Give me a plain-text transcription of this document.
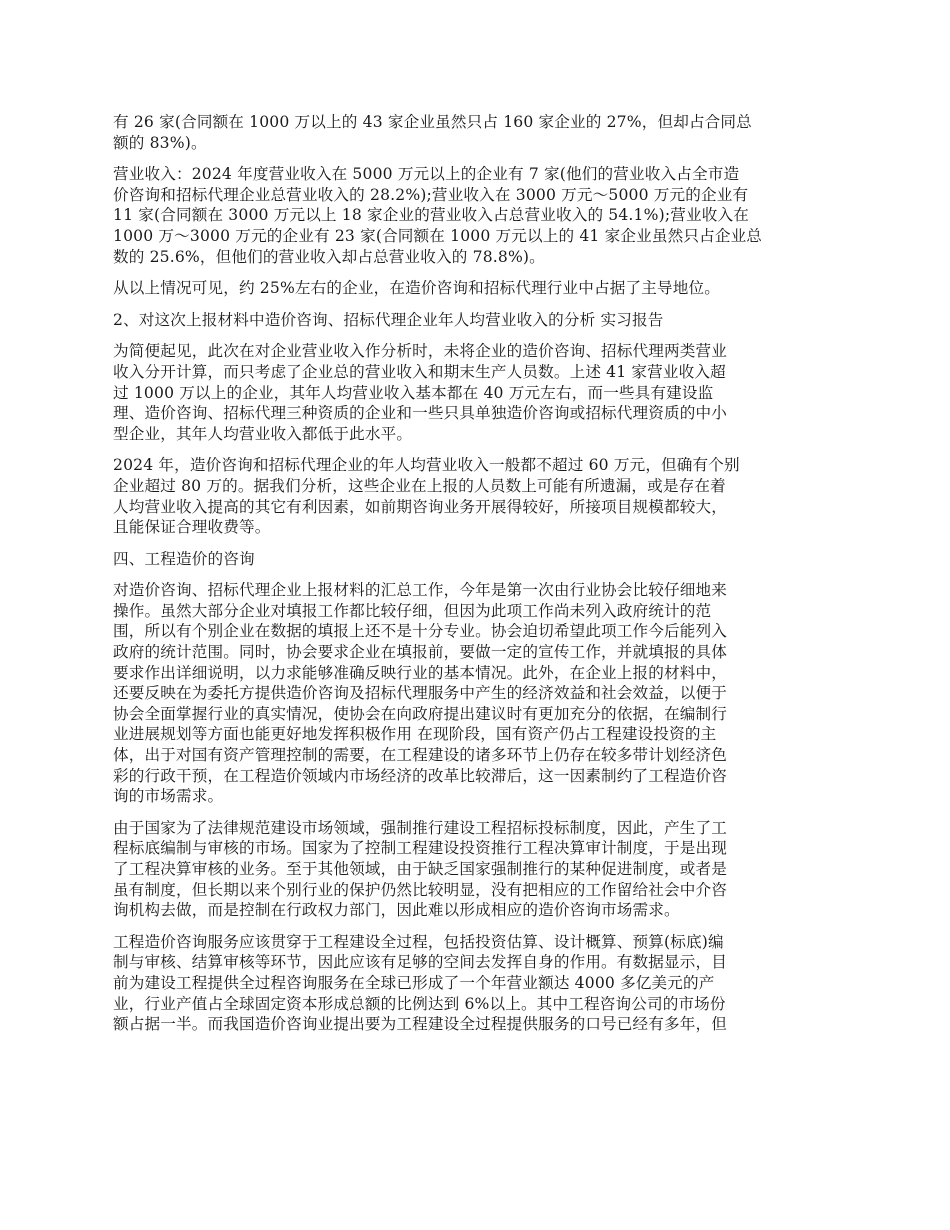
有 26 家(合同额在 1000 万以上的 43 家企业虽然只占 160 家企业的 27%，但却占合同总
额的 83%)。
营业收入：2024 年度营业收入在 5000 万元以上的企业有 7 家(他们的营业收入占全市造
价咨询和招标代理企业总营业收入的 28.2%);营业收入在 3000 万元～5000 万元的企业有
11 家(合同额在 3000 万元以上 18 家企业的营业收入占总营业收入的 54.1%);营业收入在
1000 万～3000 万元的企业有 23 家(合同额在 1000 万元以上的 41 家企业虽然只占企业总
数的 25.6%，但他们的营业收入却占总营业收入的 78.8%)。
从以上情况可见，约 25%左右的企业，在造价咨询和招标代理行业中占据了主导地位。
2、对这次上报材料中造价咨询、招标代理企业年人均营业收入的分析 实习报告
为简便起见，此次在对企业营业收入作分析时，未将企业的造价咨询、招标代理两类营业
收入分开计算，而只考虑了企业总的营业收入和期末生产人员数。上述 41 家营业收入超
过 1000 万以上的企业，其年人均营业收入基本都在 40 万元左右，而一些具有建设监
理、造价咨询、招标代理三种资质的企业和一些只具单独造价咨询或招标代理资质的中小
型企业，其年人均营业收入都低于此水平。
2024 年，造价咨询和招标代理企业的年人均营业收入一般都不超过 60 万元，但确有个别
企业超过 80 万的。据我们分析，这些企业在上报的人员数上可能有所遗漏，或是存在着
人均营业收入提高的其它有利因素，如前期咨询业务开展得较好，所接项目规模都较大，
且能保证合理收费等。
四、工程造价的咨询
对造价咨询、招标代理企业上报材料的汇总工作，今年是第一次由行业协会比较仔细地来
操作。虽然大部分企业对填报工作都比较仔细，但因为此项工作尚未列入政府统计的范
围，所以有个别企业在数据的填报上还不是十分专业。协会迫切希望此项工作今后能列入
政府的统计范围。同时，协会要求企业在填报前，要做一定的宣传工作，并就填报的具体
要求作出详细说明，以力求能够准确反映行业的基本情况。此外，在企业上报的材料中，
还要反映在为委托方提供造价咨询及招标代理服务中产生的经济效益和社会效益，以便于
协会全面掌握行业的真实情况，使协会在向政府提出建议时有更加充分的依据，在编制行
业进展规划等方面也能更好地发挥积极作用 在现阶段，国有资产仍占工程建设投资的主
体，出于对国有资产管理控制的需要，在工程建设的诸多环节上仍存在较多带计划经济色
彩的行政干预，在工程造价领域内市场经济的改革比较滞后，这一因素制约了工程造价咨
询的市场需求。
由于国家为了法律规范建设市场领域，强制推行建设工程招标投标制度，因此，产生了工
程标底编制与审核的市场。国家为了控制工程建设投资推行工程决算审计制度，于是出现
了工程决算审核的业务。至于其他领域，由于缺乏国家强制推行的某种促进制度，或者是
虽有制度，但长期以来个别行业的保护仍然比较明显，没有把相应的工作留给社会中介咨
询机构去做，而是控制在行政权力部门，因此难以形成相应的造价咨询市场需求。
工程造价咨询服务应该贯穿于工程建设全过程，包括投资估算、设计概算、预算(标底)编
制与审核、结算审核等环节，因此应该有足够的空间去发挥自身的作用。有数据显示，目
前为建设工程提供全过程咨询服务在全球已形成了一个年营业额达 4000 多亿美元的产
业，行业产值占全球固定资本形成总额的比例达到 6%以上。其中工程咨询公司的市场份
额占据一半。而我国造价咨询业提出要为工程建设全过程提供服务的口号已经有多年，但
